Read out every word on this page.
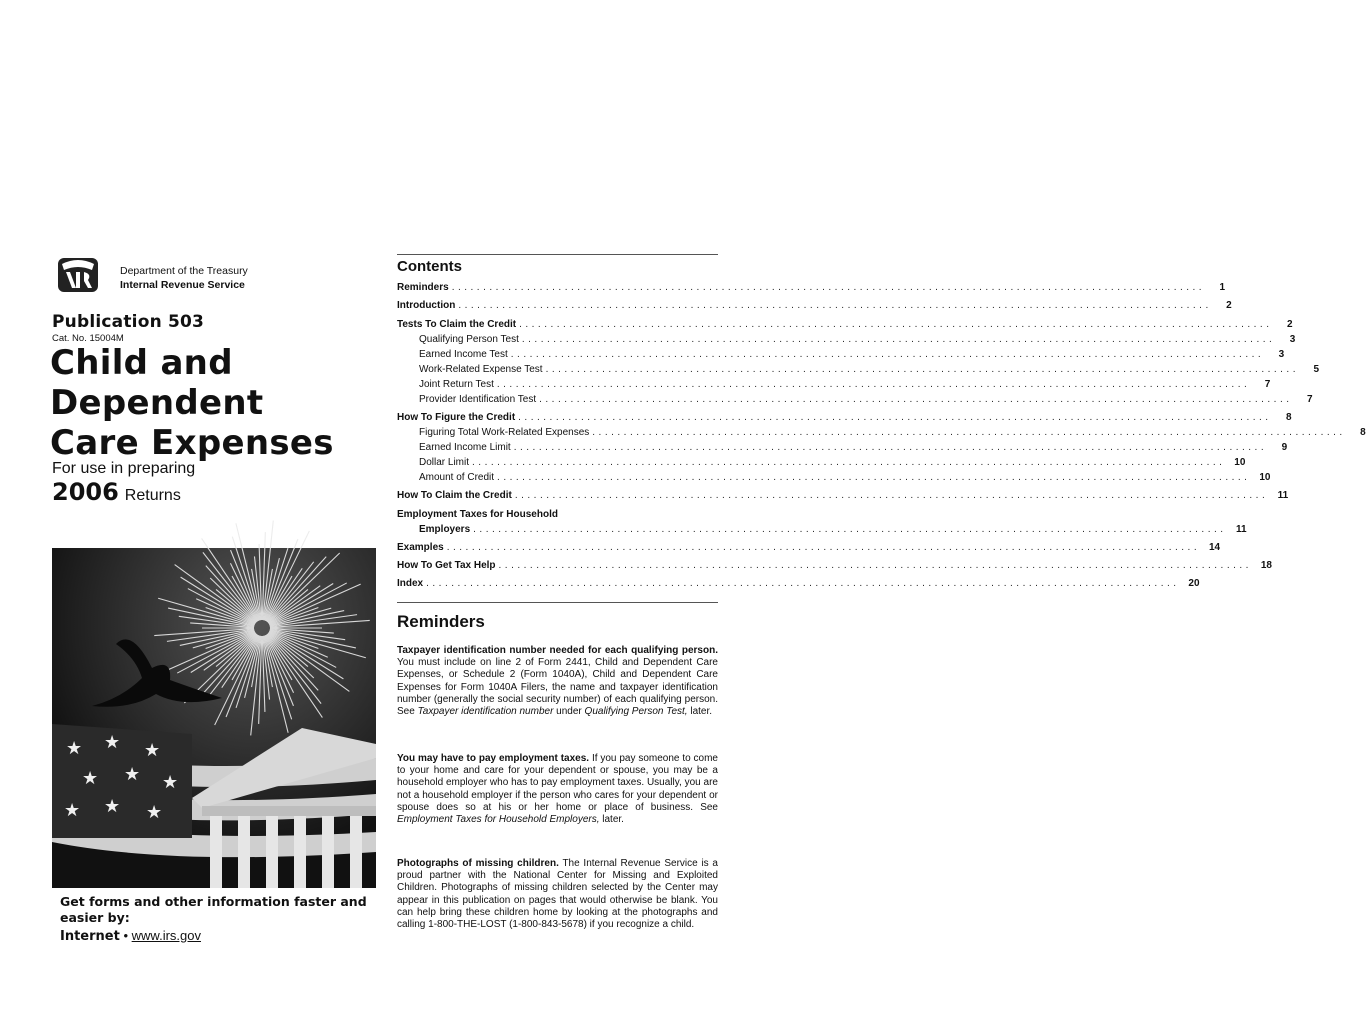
Department of the Treasury
Internal Revenue Service
Publication 503
Cat. No. 15004M
Child and
Dependent
Care Expenses
For use in preparing
2006 Returns
★ ★ ★
★ ★ ★
★ ★ ★
Get forms and other information faster and easier by:
Internet • www.irs.gov
Contents
Reminders ........................................................................................................................	1
Introduction ........................................................................................................................	2
Tests To Claim the Credit ........................................................................................................................	2
Qualifying Person Test ........................................................................................................................	3
Earned Income Test ........................................................................................................................	3
Work-Related Expense Test ........................................................................................................................	5
Joint Return Test ........................................................................................................................	7
Provider Identification Test ........................................................................................................................	7
How To Figure the Credit ........................................................................................................................	8
Figuring Total Work-Related Expenses ........................................................................................................................	8
Earned Income Limit ........................................................................................................................	9
Dollar Limit ........................................................................................................................ 10
Amount of Credit ........................................................................................................................ 10
How To Claim the Credit ........................................................................................................................ 11
Employment Taxes for Household
Employers ........................................................................................................................ 11
Examples ........................................................................................................................ 14
How To Get Tax Help ........................................................................................................................ 18
Index ........................................................................................................................ 20
Reminders
Taxpayer identification number needed for each qualifying person. You must include on line 2 of Form 2441, Child and Dependent Care Expenses, or Schedule 2 (Form 1040A), Child and Dependent Care Expenses for Form 1040A Filers, the name and taxpayer identification number (generally the social security number) of each qualifying person. See Taxpayer identification number under Qualifying Person Test, later.
You may have to pay employment taxes. If you pay someone to come to your home and care for your dependent or spouse, you may be a household employer who has to pay employment taxes. Usually, you are not a household employer if the person who cares for your dependent or spouse does so at his or her home or place of business. See Employment Taxes for Household Employers, later.
Photographs of missing children. The Internal Revenue Service is a proud partner with the National Center for Missing and Exploited Children. Photographs of missing children selected by the Center may appear in this publication on pages that would otherwise be blank. You can help bring these children home by looking at the photographs and calling 1-800-THE-LOST (1-800-843-5678) if you recognize a child.
